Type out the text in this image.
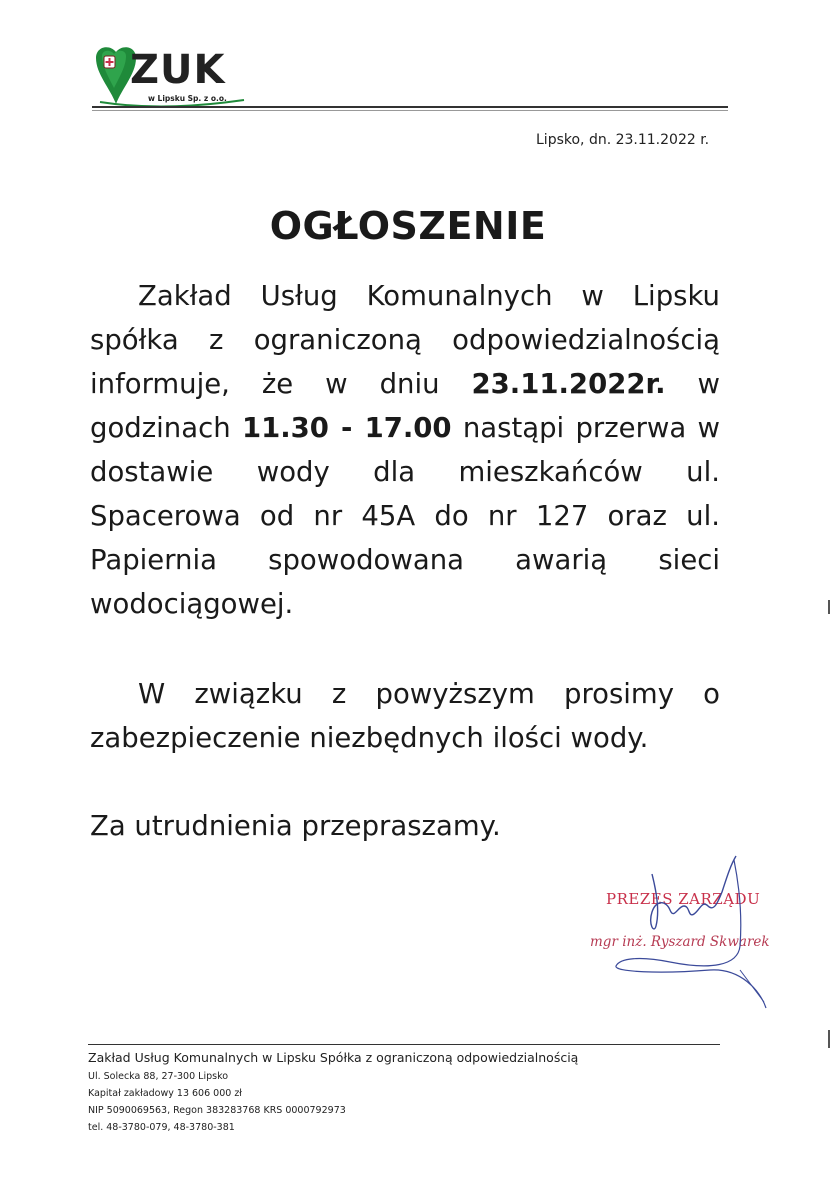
ZUK
w Lipsku Sp. z o.o.
Lipsko, dn. 23.11.2022 r.
OGŁOSZENIE
Zakład Usług Komunalnych w Lipsku spółka z ograniczoną odpowiedzialnością informuje, że w dniu 23.11.2022r. w godzinach 11.30 - 17.00 nastąpi przerwa w dostawie wody dla mieszkańców ul. Spacerowa od nr 45A do nr 127 oraz ul. Papiernia spowodowana awarią sieci wodociągowej.
W związku z powyższym prosimy o zabezpieczenie niezbędnych ilości wody.
Za utrudnienia przepraszamy.
PREZES ZARZĄDU
mgr inż. Ryszard Skwarek
Zakład Usług Komunalnych w Lipsku Spółka z ograniczoną odpowiedzialnością
Ul. Solecka 88, 27-300 Lipsko
Kapitał zakładowy 13 606 000 zł
NIP 5090069563, Regon 383283768 KRS 0000792973
tel. 48-3780-079, 48-3780-381
